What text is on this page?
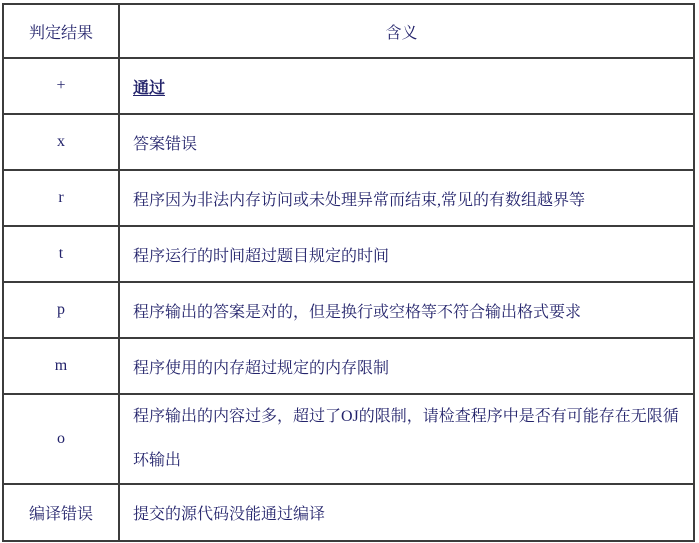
判定结果	含义
+	通过
x	答案错误
r	程序因为非法内存访问或未处理异常而结束,常见的有数组越界等
t	程序运行的时间超过题目规定的时间
p	程序输出的答案是对的，但是换行或空格等不符合输出格式要求
m	程序使用的内存超过规定的内存限制
o	程序输出的内容过多，超过了OJ的限制，请检查程序中是否有可能存在无限循环输出
编译错误	提交的源代码没能通过编译
